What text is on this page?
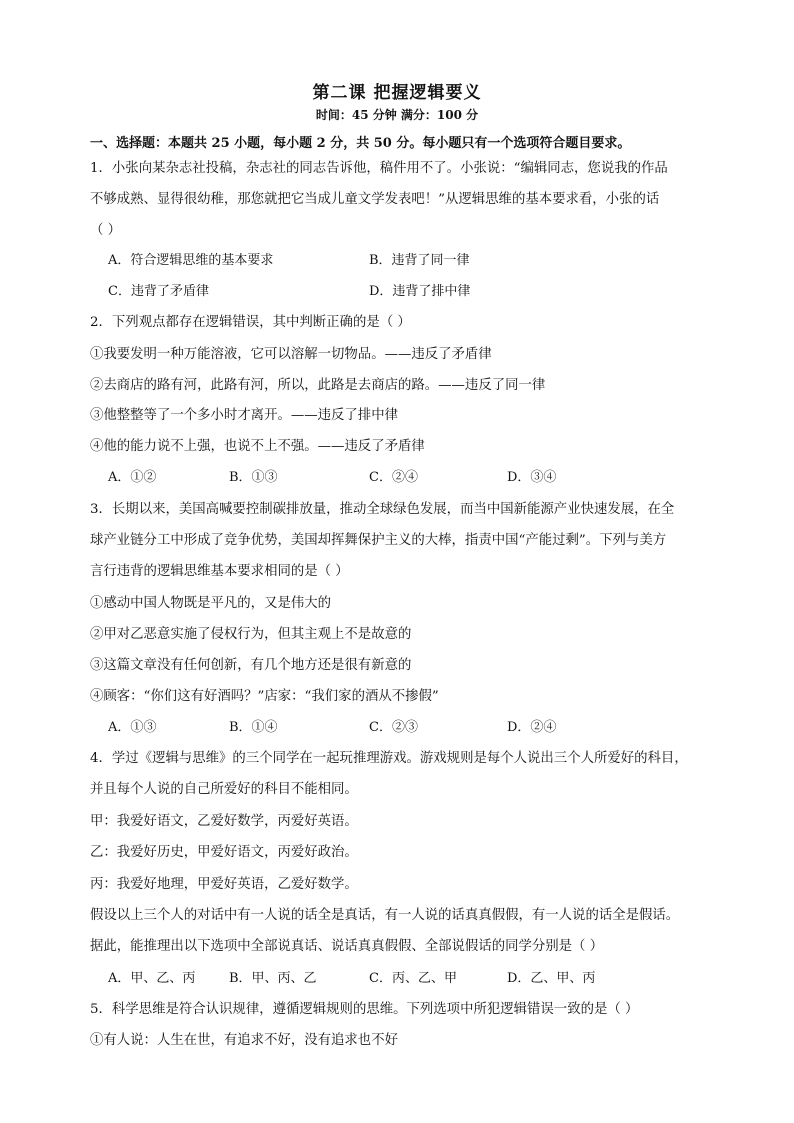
第二课 把握逻辑要义
时间：45 分钟 满分：100 分
一、选择题：本题共 25 小题，每小题 2 分，共 50 分。每小题只有一个选项符合题目要求。
1．小张向某杂志社投稿，杂志社的同志告诉他，稿件用不了。小张说：“编辑同志，您说我的作品
不够成熟、显得很幼稚，那您就把它当成儿童文学发表吧！”从逻辑思维的基本要求看，小张的话
（ ）
A．符合逻辑思维的基本要求	B．违背了同一律
C．违背了矛盾律	D．违背了排中律
2．下列观点都存在逻辑错误，其中判断正确的是（ ）
①我要发明一种万能溶液，它可以溶解一切物品。——违反了矛盾律
②去商店的路有河，此路有河，所以，此路是去商店的路。——违反了同一律
③他整整等了一个多小时才离开。——违反了排中律
④他的能力说不上强，也说不上不强。——违反了矛盾律
A．①②	B．①③	C．②④	D．③④
3．长期以来，美国高喊要控制碳排放量，推动全球绿色发展，而当中国新能源产业快速发展，在全
球产业链分工中形成了竞争优势，美国却挥舞保护主义的大棒，指责中国“产能过剩”。下列与美方
言行违背的逻辑思维基本要求相同的是（ ）
①感动中国人物既是平凡的，又是伟大的
②甲对乙恶意实施了侵权行为，但其主观上不是故意的
③这篇文章没有任何创新，有几个地方还是很有新意的
④顾客：“你们这有好酒吗？”店家：“我们家的酒从不掺假”
A．①③	B．①④	C．②③	D．②④
4．学过《逻辑与思维》的三个同学在一起玩推理游戏。游戏规则是每个人说出三个人所爱好的科目，
并且每个人说的自己所爱好的科目不能相同。
甲：我爱好语文，乙爱好数学，丙爱好英语。
乙：我爱好历史，甲爱好语文，丙爱好政治。
丙：我爱好地理，甲爱好英语，乙爱好数学。
假设以上三个人的对话中有一人说的话全是真话，有一人说的话真真假假，有一人说的话全是假话。
据此，能推理出以下选项中全部说真话、说话真真假假、全部说假话的同学分别是（ ）
A．甲、乙、丙	B．甲、丙、乙	C．丙、乙、甲	D．乙、甲、丙
5．科学思维是符合认识规律，遵循逻辑规则的思维。下列选项中所犯逻辑错误一致的是（ ）
①有人说：人生在世，有追求不好，没有追求也不好
